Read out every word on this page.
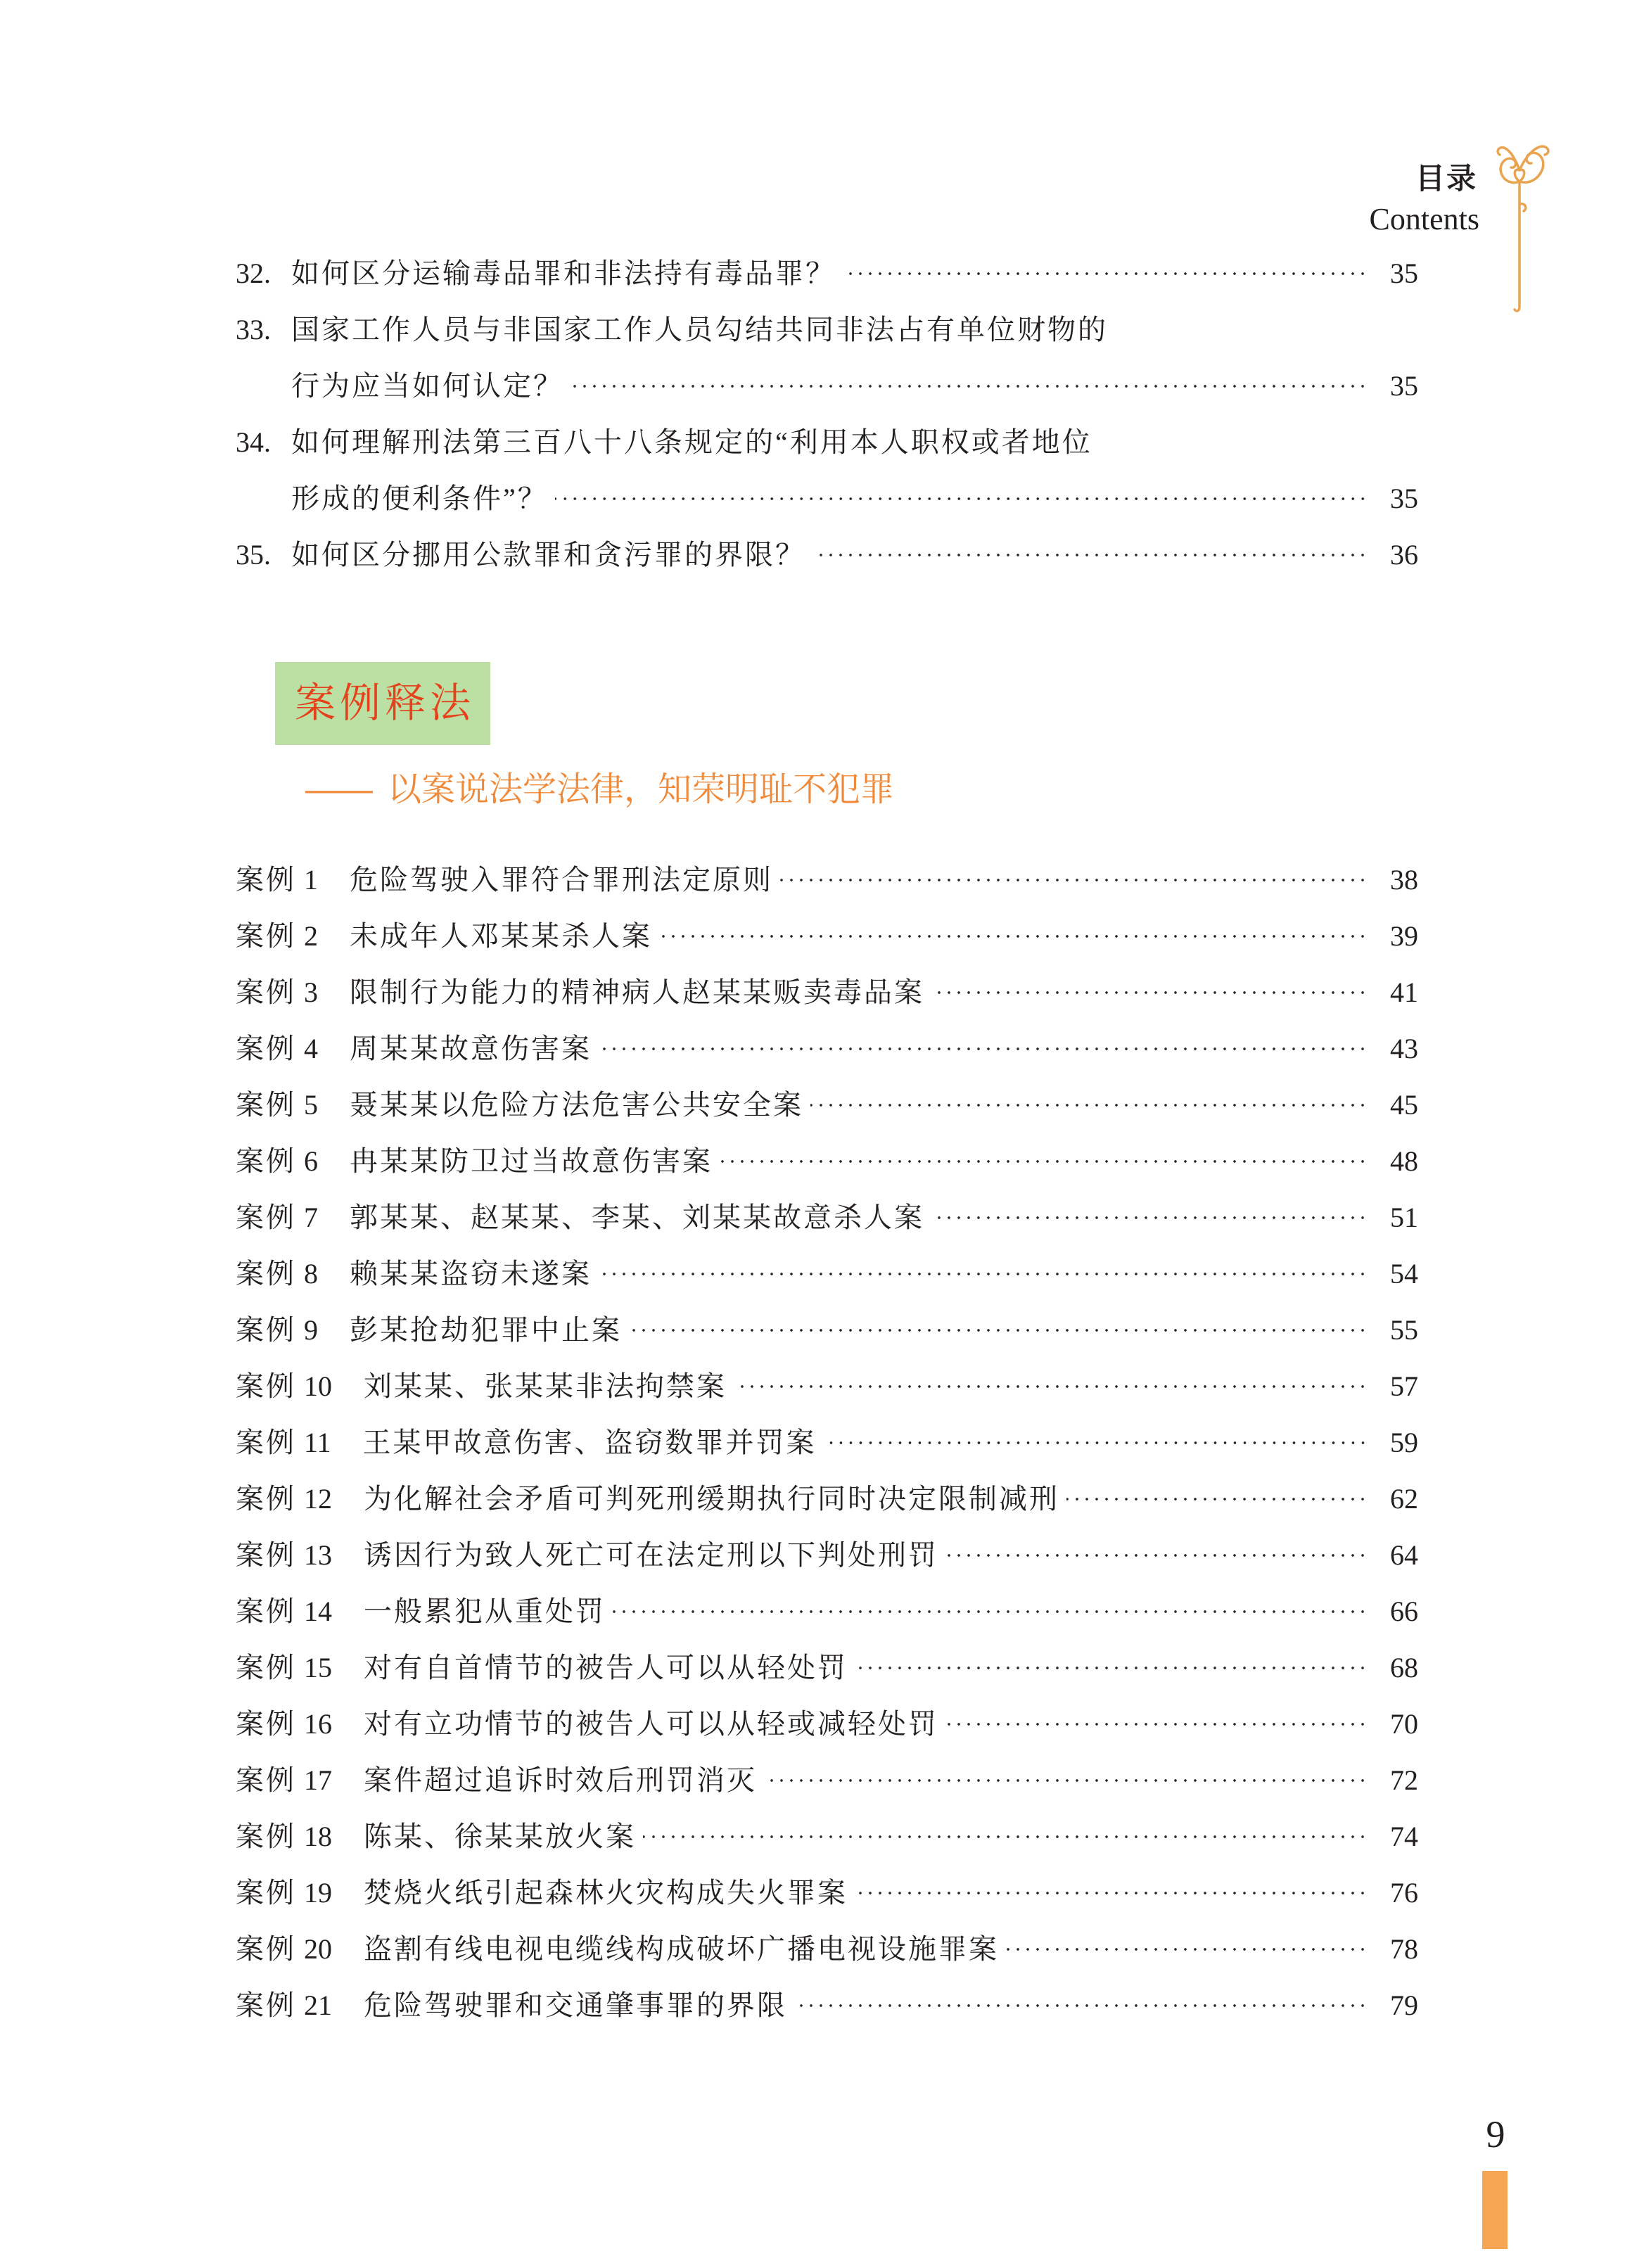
目录
Contents
32. 如何区分运输毒品罪和非法持有毒品罪？	35
33. 国家工作人员与非国家工作人员勾结共同非法占有单位财物的
行为应当如何认定？	35
34. 如何理解刑法第三百八十八条规定的“利用本人职权或者地位
形成的便利条件”？	35
35. 如何区分挪用公款罪和贪污罪的界限？	36
案例释法
—— 以案说法学法律，知荣明耻不犯罪
案例 1 危险驾驶入罪符合罪刑法定原则	38
案例 2 未成年人邓某某杀人案	39
案例 3 限制行为能力的精神病人赵某某贩卖毒品案	41
案例 4 周某某故意伤害案	43
案例 5 聂某某以危险方法危害公共安全案	45
案例 6 冉某某防卫过当故意伤害案	48
案例 7 郭某某、赵某某、李某、刘某某故意杀人案	51
案例 8 赖某某盗窃未遂案	54
案例 9 彭某抢劫犯罪中止案	55
案例 10 刘某某、张某某非法拘禁案	57
案例 11 王某甲故意伤害、盗窃数罪并罚案	59
案例 12 为化解社会矛盾可判死刑缓期执行同时决定限制减刑	62
案例 13 诱因行为致人死亡可在法定刑以下判处刑罚	64
案例 14 一般累犯从重处罚	66
案例 15 对有自首情节的被告人可以从轻处罚	68
案例 16 对有立功情节的被告人可以从轻或减轻处罚	70
案例 17 案件超过追诉时效后刑罚消灭	72
案例 18 陈某、徐某某放火案	74
案例 19 焚烧火纸引起森林火灾构成失火罪案	76
案例 20 盗割有线电视电缆线构成破坏广播电视设施罪案	78
案例 21 危险驾驶罪和交通肇事罪的界限	79
9
